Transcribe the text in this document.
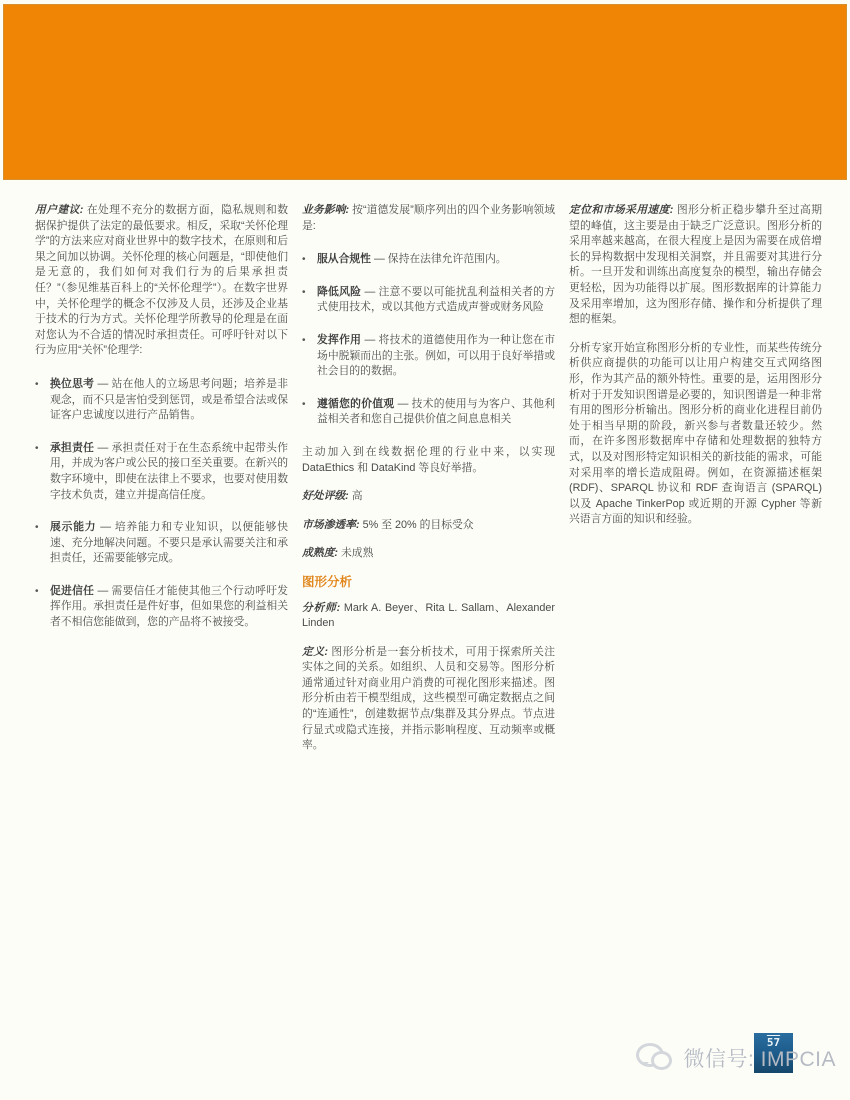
用户建议: 在处理不充分的数据方面，隐私规则和数据保护提供了法定的最低要求。相反，采取“关怀伦理学”的方法来应对商业世界中的数字技术，在原则和后果之间加以协调。关怀伦理的核心问题是，“即使他们是无意的，我们如何对我们行为的后果承担责任？”（参见维基百科上的“关怀伦理学”）。在数字世界中，关怀伦理学的概念不仅涉及人员，还涉及企业基于技术的行为方式。关怀伦理学所教导的伦理是在面对您认为不合适的情况时承担责任。可呼吁针对以下行为应用“关怀”伦理学:

•	换位思考 — 站在他人的立场思考问题；培养是非观念，而不只是害怕受到惩罚，或是希望合法或保证客户忠诚度以进行产品销售。
•	承担责任 — 承担责任对于在生态系统中起带头作用，并成为客户或公民的接口至关重要。在新兴的数字环境中，即使在法律上不要求，也要对使用数字技术负责，建立并提高信任度。
•	展示能力 — 培养能力和专业知识，以便能够快速、充分地解决问题。不要只是承认需要关注和承担责任，还需要能够完成。
•	促进信任 — 需要信任才能使其他三个行动呼吁发挥作用。承担责任是件好事，但如果您的利益相关者不相信您能做到，您的产品将不被接受。

业务影响: 按“道德发展”顺序列出的四个业务影响领域是:

•	服从合规性 — 保持在法律允许范围内。
•	降低风险 — 注意不要以可能扰乱利益相关者的方式使用技术，或以其他方式造成声誉或财务风险
•	发挥作用 — 将技术的道德使用作为一种让您在市场中脱颖而出的主张。例如，可以用于良好举措或社会目的的数据。
•	遵循您的价值观 — 技术的使用与为客户、其他利益相关者和您自己提供价值之间息息相关

主动加入到在线数据伦理的行业中来，以实现 DataEthics 和 DataKind 等良好举措。

好处评级: 高

市场渗透率: 5% 至 20% 的目标受众

成熟度: 未成熟

图形分析

分析师: Mark A. Beyer、Rita L. Sallam、Alexander Linden

定义: 图形分析是一套分析技术，可用于探索所关注实体之间的关系。如组织、人员和交易等。图形分析通常通过针对商业用户消费的可视化图形来描述。图形分析由若干模型组成，这些模型可确定数据点之间的“连通性”，创建数据节点/集群及其分界点。节点进行显式或隐式连接，并指示影响程度、互动频率或概率。

定位和市场采用速度: 图形分析正稳步攀升至过高期望的峰值，这主要是由于缺乏广泛意识。图形分析的采用率越来越高，在很大程度上是因为需要在成倍增长的异构数据中发现相关洞察，并且需要对其进行分析。一旦开发和训练出高度复杂的模型，输出存储会更轻松，因为功能得以扩展。图形数据库的计算能力及采用率增加，这为图形存储、操作和分析提供了理想的框架。

分析专家开始宣称图形分析的专业性，而某些传统分析供应商提供的功能可以让用户构建交互式网络图形，作为其产品的额外特性。重要的是，运用图形分析对于开发知识图谱是必要的，知识图谱是一种非常有用的图形分析输出。图形分析的商业化进程目前仍处于相当早期的阶段，新兴参与者数量还较少。然而，在许多图形数据库中存储和处理数据的独特方式，以及对图形特定知识相关的新技能的需求，可能对采用率的增长造成阻碍。例如，在资源描述框架 (RDF)、SPARQL 协议和 RDF 查询语言 (SPARQL) 以及 Apache TinkerPop 或近期的开源 Cypher 等新兴语言方面的知识和经验。

57
微信号: IMPCIA
